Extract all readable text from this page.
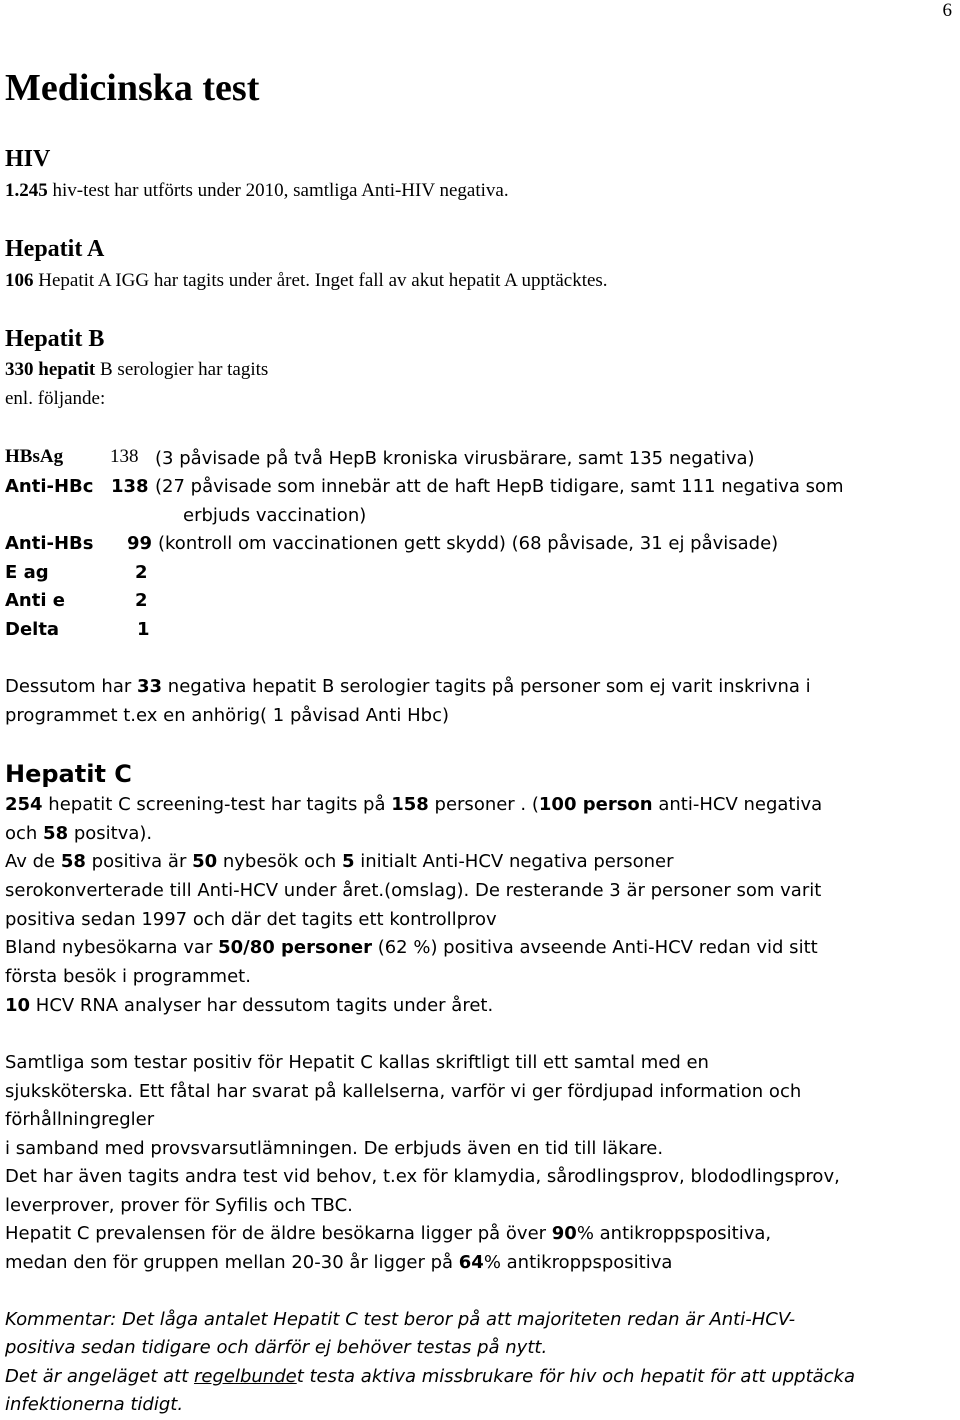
6
Medicinska test
HIV
1.245 hiv-test har utförts under 2010, samtliga Anti-HIV negativa.
Hepatit A
106 Hepatit A IGG har tagits under året. Inget fall av akut hepatit A upptäcktes.
Hepatit B
330 hepatit B serologier har tagits
enl. följande:
HBsAg 138 (3 påvisade på två HepB kroniska virusbärare, samt 135 negativa)
Anti-HBc 138 (27 påvisade som innebär att de haft HepB tidigare, samt 111 negativa som
erbjuds vaccination)
Anti-HBs 99 (kontroll om vaccinationen gett skydd) (68 påvisade, 31 ej påvisade)
E ag	2
Anti e	2
Delta	1
Dessutom har 33 negativa hepatit B serologier tagits på personer som ej varit inskrivna i
programmet t.ex en anhörig( 1 påvisad Anti Hbc)
Hepatit C
254 hepatit C screening-test har tagits på 158 personer . (100 person anti-HCV negativa
och 58 positva).
Av de 58 positiva är 50 nybesök och 5 initialt Anti-HCV negativa personer
serokonverterade till Anti-HCV under året.(omslag). De resterande 3 är personer som varit
positiva sedan 1997 och där det tagits ett kontrollprov
Bland nybesökarna var 50/80 personer (62 %) positiva avseende Anti-HCV redan vid sitt
första besök i programmet.
10 HCV RNA analyser har dessutom tagits under året.
Samtliga som testar positiv för Hepatit C kallas skriftligt till ett samtal med en
sjuksköterska. Ett fåtal har svarat på kallelserna, varför vi ger fördjupad information och
förhållningregler
i samband med provsvarsutlämningen. De erbjuds även en tid till läkare.
Det har även tagits andra test vid behov, t.ex för klamydia, sårodlingsprov, blododlingsprov,
leverprover, prover för Syfilis och TBC.
Hepatit C prevalensen för de äldre besökarna ligger på över 90% antikroppspositiva,
medan den för gruppen mellan 20-30 år ligger på 64% antikroppspositiva
Kommentar: Det låga antalet Hepatit C test beror på att majoriteten redan är Anti-HCV-
positiva sedan tidigare och därför ej behöver testas på nytt.
Det är angeläget att regelbundet testa aktiva missbrukare för hiv och hepatit för att upptäcka
infektionerna tidigt.
